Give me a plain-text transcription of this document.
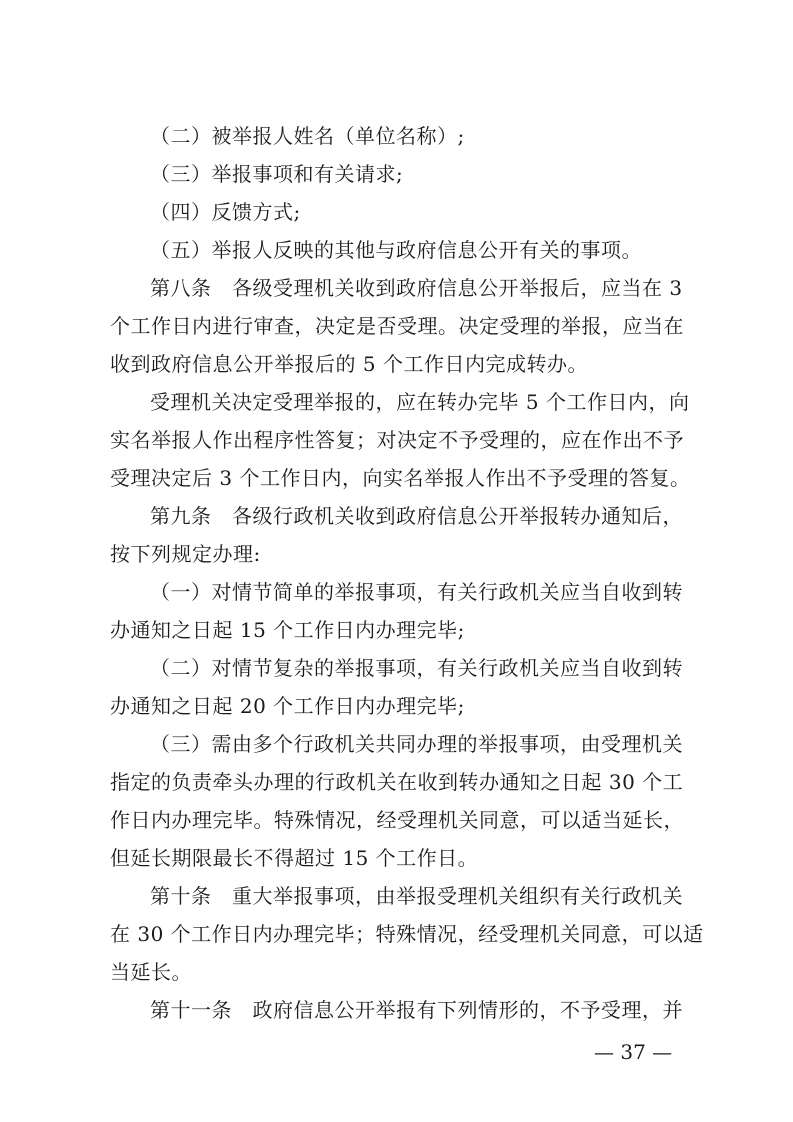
（二）被举报人姓名（单位名称）;
（三）举报事项和有关请求;
（四）反馈方式;
（五）举报人反映的其他与政府信息公开有关的事项。
第八条　各级受理机关收到政府信息公开举报后，应当在 3
个工作日内进行审查，决定是否受理。决定受理的举报，应当在
收到政府信息公开举报后的 5 个工作日内完成转办。
受理机关决定受理举报的，应在转办完毕 5 个工作日内，向
实名举报人作出程序性答复；对决定不予受理的，应在作出不予
受理决定后 3 个工作日内，向实名举报人作出不予受理的答复。
第九条　各级行政机关收到政府信息公开举报转办通知后，
按下列规定办理:
（一）对情节简单的举报事项，有关行政机关应当自收到转
办通知之日起 15 个工作日内办理完毕;
（二）对情节复杂的举报事项，有关行政机关应当自收到转
办通知之日起 20 个工作日内办理完毕;
（三）需由多个行政机关共同办理的举报事项，由受理机关
指定的负责牵头办理的行政机关在收到转办通知之日起 30 个工
作日内办理完毕。特殊情况，经受理机关同意，可以适当延长，
但延长期限最长不得超过 15 个工作日。
第十条　重大举报事项，由举报受理机关组织有关行政机关
在 30 个工作日内办理完毕；特殊情况，经受理机关同意，可以适
当延长。
第十一条　政府信息公开举报有下列情形的，不予受理，并
— 37 —
